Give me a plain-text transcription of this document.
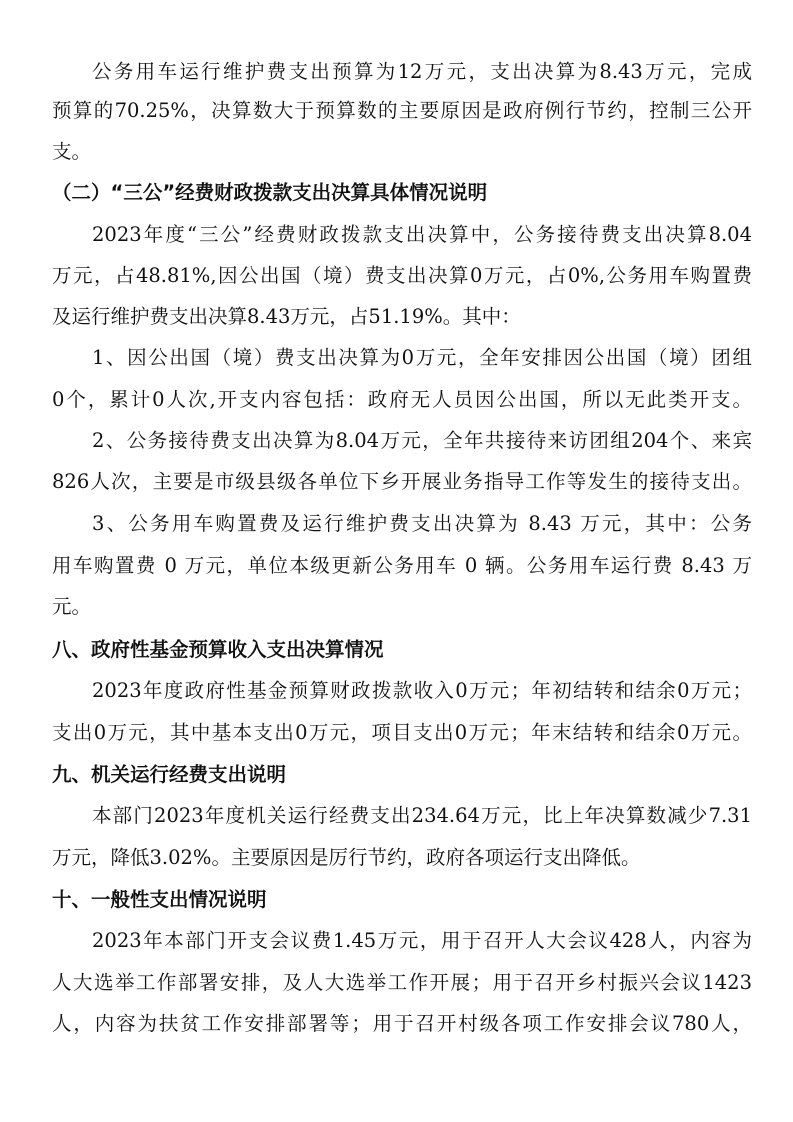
公务用车运行维护费支出预算为12万元，支出决算为8.43万元，完成
预算的70.25%，决算数大于预算数的主要原因是政府例行节约，控制三公开
支。
（二）“三公”经费财政拨款支出决算具体情况说明
2023年度“三公”经费财政拨款支出决算中，公务接待费支出决算8.04
万元，占48.81%,因公出国（境）费支出决算0万元，占0%,公务用车购置费
及运行维护费支出决算8.43万元，占51.19%。其中：
1、因公出国（境）费支出决算为0万元，全年安排因公出国（境）团组
0个，累计0人次,开支内容包括：政府无人员因公出国，所以无此类开支。
2、公务接待费支出决算为8.04万元，全年共接待来访团组204个、来宾
826人次，主要是市级县级各单位下乡开展业务指导工作等发生的接待支出。
3、公务用车购置费及运行维护费支出决算为 8.43 万元，其中：公务
用车购置费 0 万元，单位本级更新公务用车 0 辆。公务用车运行费 8.43 万
元。
八、政府性基金预算收入支出决算情况
2023年度政府性基金预算财政拨款收入0万元；年初结转和结余0万元；
支出0万元，其中基本支出0万元，项目支出0万元；年末结转和结余0万元。
九、机关运行经费支出说明
本部门2023年度机关运行经费支出234.64万元，比上年决算数减少7.31
万元，降低3.02%。主要原因是厉行节约，政府各项运行支出降低。
十、一般性支出情况说明
2023年本部门开支会议费1.45万元，用于召开人大会议428人，内容为
人大选举工作部署安排，及人大选举工作开展；用于召开乡村振兴会议1423
人，内容为扶贫工作安排部署等；用于召开村级各项工作安排会议780人，
